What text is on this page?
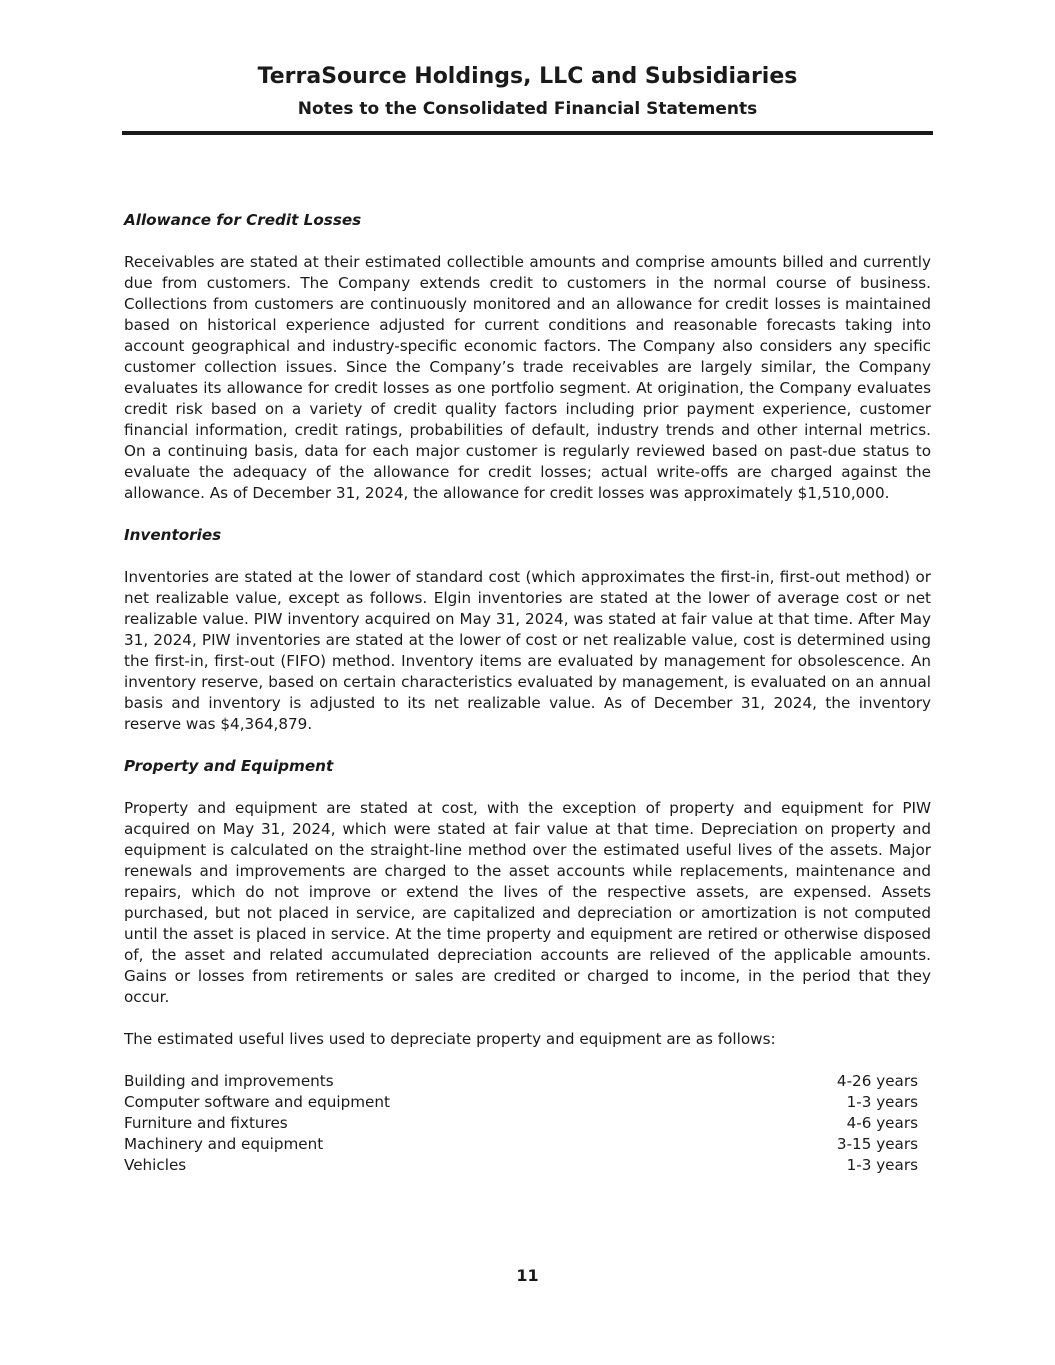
TerraSource Holdings, LLC and Subsidiaries
Notes to the Consolidated Financial Statements
Allowance for Credit Losses

Receivables are stated at their estimated collectible amounts and comprise amounts billed and currently due from customers. The Company extends credit to customers in the normal course of business. Collections from customers are continuously monitored and an allowance for credit losses is maintained based on historical experience adjusted for current conditions and reasonable forecasts taking into account geographical and industry-specific economic factors. The Company also considers any specific customer collection issues. Since the Company’s trade receivables are largely similar, the Company evaluates its allowance for credit losses as one portfolio segment. At origination, the Company evaluates credit risk based on a variety of credit quality factors including prior payment experience, customer financial information, credit ratings, probabilities of default, industry trends and other internal metrics. On a continuing basis, data for each major customer is regularly reviewed based on past-due status to evaluate the adequacy of the allowance for credit losses; actual write-offs are charged against the allowance. As of December 31, 2024, the allowance for credit losses was approximately $1,510,000.

Inventories

Inventories are stated at the lower of standard cost (which approximates the first-in, first-out method) or net realizable value, except as follows. Elgin inventories are stated at the lower of average cost or net realizable value. PIW inventory acquired on May 31, 2024, was stated at fair value at that time. After May 31, 2024, PIW inventories are stated at the lower of cost or net realizable value, cost is determined using the first-in, first-out (FIFO) method. Inventory items are evaluated by management for obsolescence. An inventory reserve, based on certain characteristics evaluated by management, is evaluated on an annual basis and inventory is adjusted to its net realizable value. As of December 31, 2024, the inventory reserve was $4,364,879.

Property and Equipment

Property and equipment are stated at cost, with the exception of property and equipment for PIW acquired on May 31, 2024, which were stated at fair value at that time. Depreciation on property and equipment is calculated on the straight-line method over the estimated useful lives of the assets. Major renewals and improvements are charged to the asset accounts while replacements, maintenance and repairs, which do not improve or extend the lives of the respective assets, are expensed. Assets purchased, but not placed in service, are capitalized and depreciation or amortization is not computed until the asset is placed in service. At the time property and equipment are retired or otherwise disposed of, the asset and related accumulated depreciation accounts are relieved of the applicable amounts. Gains or losses from retirements or sales are credited or charged to income, in the period that they occur.

The estimated useful lives used to depreciate property and equipment are as follows:

Building and improvements	4-26 years
Computer software and equipment	1-3 years
Furniture and fixtures	4-6 years
Machinery and equipment	3-15 years
Vehicles	1-3 years
11
